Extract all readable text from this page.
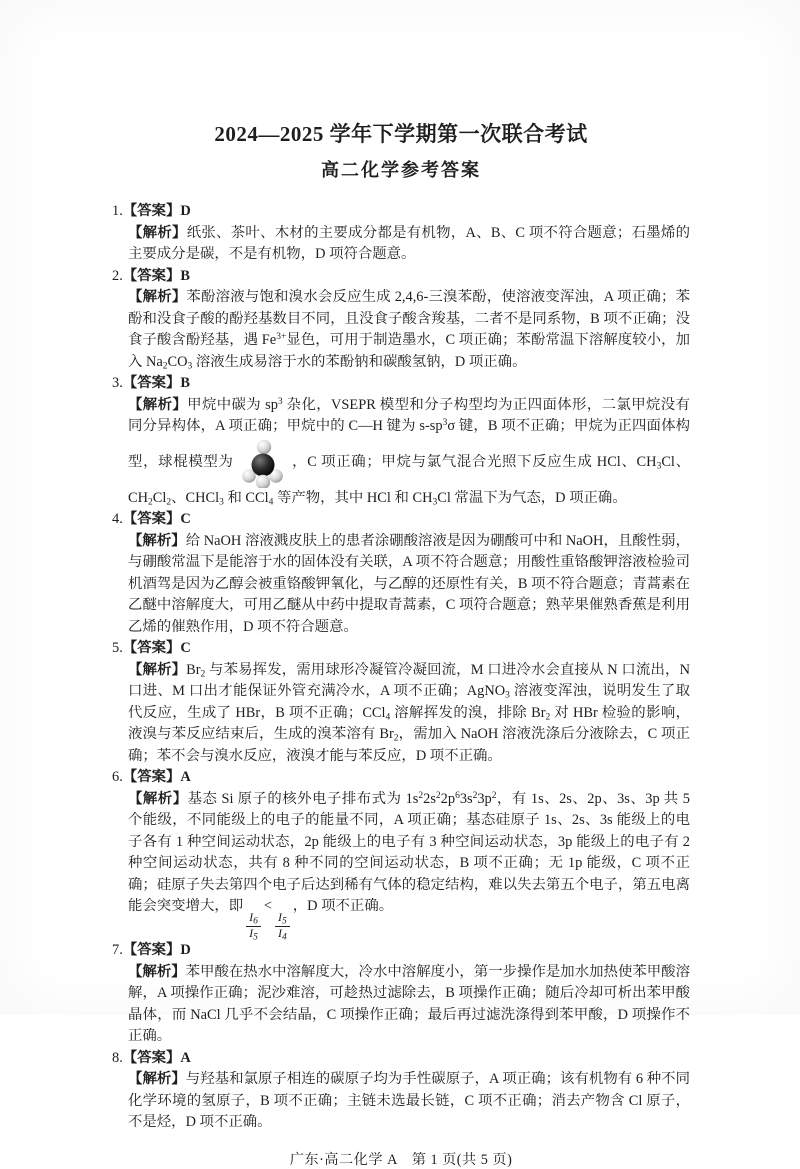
2024—2025 学年下学期第一次联合考试
高二化学参考答案
1.【答案】D

【解析】纸张、茶叶、木材的主要成分都是有机物，A、B、C 项不符合题意；石墨烯的主要成分是碳，不是有机物，D 项符合题意。

2.【答案】B

【解析】苯酚溶液与饱和溴水会反应生成 2,4,6-三溴苯酚，使溶液变浑浊，A 项正确；苯酚和没食子酸的酚羟基数目不同，且没食子酸含羧基，二者不是同系物，B 项不正确；没食子酸含酚羟基，遇 $Fe^{3+}$显色，可用于制造墨水，C 项正确；苯酚常温下溶解度较小，加入 $Na_2CO_3$ 溶液生成易溶于水的苯酚钠和碳酸氢钠，D 项正确。

3.【答案】B

【解析】甲烷中碳为 $sp^3$ 杂化，VSEPR 模型和分子构型均为正四面体形，二氯甲烷没有同分异构体，A 项正确；甲烷中的 C—H 键为 $s-sp^3\sigma$ 键，B 项不正确；甲烷为正四面体构型，球棍模型为	，C 项正确；甲烷与氯气混合光照下反应生成 HCl、$CH_3Cl$、$CH_2Cl_2$、CHCl$_3$ 和 CCl$_4$ 等产物，其中 HCl 和 $CH_3Cl$ 常温下为气态，D 项正确。

4.【答案】C

【解析】给 NaOH 溶液溅皮肤上的患者涂硼酸溶液是因为硼酸可中和 NaOH，且酸性弱，与硼酸常温下是能溶于水的固体没有关联，A 项不符合题意；用酸性重铬酸钾溶液检验司机酒驾是因为乙醇会被重铬酸钾氧化，与乙醇的还原性有关，B 项不符合题意；青蒿素在乙醚中溶解度大，可用乙醚从中药中提取青蒿素，C 项符合题意；熟苹果催熟香蕉是利用乙烯的催熟作用，D 项不符合题意。

5.【答案】C

【解析】$Br_2$ 与苯易挥发，需用球形冷凝管冷凝回流，M 口进冷水会直接从 N 口流出，N 口进、M 口出才能保证外管充满冷水，A 项不正确；AgNO$_3$ 溶液变浑浊，说明发生了取代反应，生成了 HBr，B 项不正确；CCl$_4$ 溶解挥发的溴，排除 $Br_2$ 对 HBr 检验的影响，液溴与苯反应结束后，生成的溴苯溶有 $Br_2$，需加入 NaOH 溶液洗涤后分液除去，C 项正确；苯不会与溴水反应，液溴才能与苯反应，D 项不正确。

6.【答案】A

【解析】基态 Si 原子的核外电子排布式为 $1s^22s^22p^63s^23p^2$，有 1s、2s、2p、3s、3p 共 5 个能级，不同能级上的电子的能量不同，A 项正确；基态硅原子 1s、2s、3s 能级上的电子各有 1 种空间运动状态，2p 能级上的电子有 3 种空间运动状态，3p 能级上的电子有 2 种空间运动状态，共有 8 种不同的空间运动状态，B 项不正确；无 1p 能级，C 项不正确；硅原子失去第四个电子后达到稀有气体的稳定结构，难以失去第五个电子，第五电离能会突变增大，即
$\frac{I_6}{I_5}$
<
$\frac{I_5}{I_4}$
，D 项不正确。

7.【答案】D

【解析】苯甲酸在热水中溶解度大，冷水中溶解度小，第一步操作是加水加热使苯甲酸溶解，A 项操作正确；泥沙难溶，可趁热过滤除去，B 项操作正确；随后冷却可析出苯甲酸晶体，而 NaCl 几乎不会结晶，C 项操作正确；最后再过滤洗涤得到苯甲酸，D 项操作不正确。

8.【答案】A

【解析】与羟基和氯原子相连的碳原子均为手性碳原子，A 项正确；该有机物有 6 种不同化学环境的氢原子，B 项不正确；主链未选最长链，C 项不正确；消去产物含 Cl 原子，不是烃，D 项不正确。

广东·高二化学 A　第 1 页(共 5 页)
